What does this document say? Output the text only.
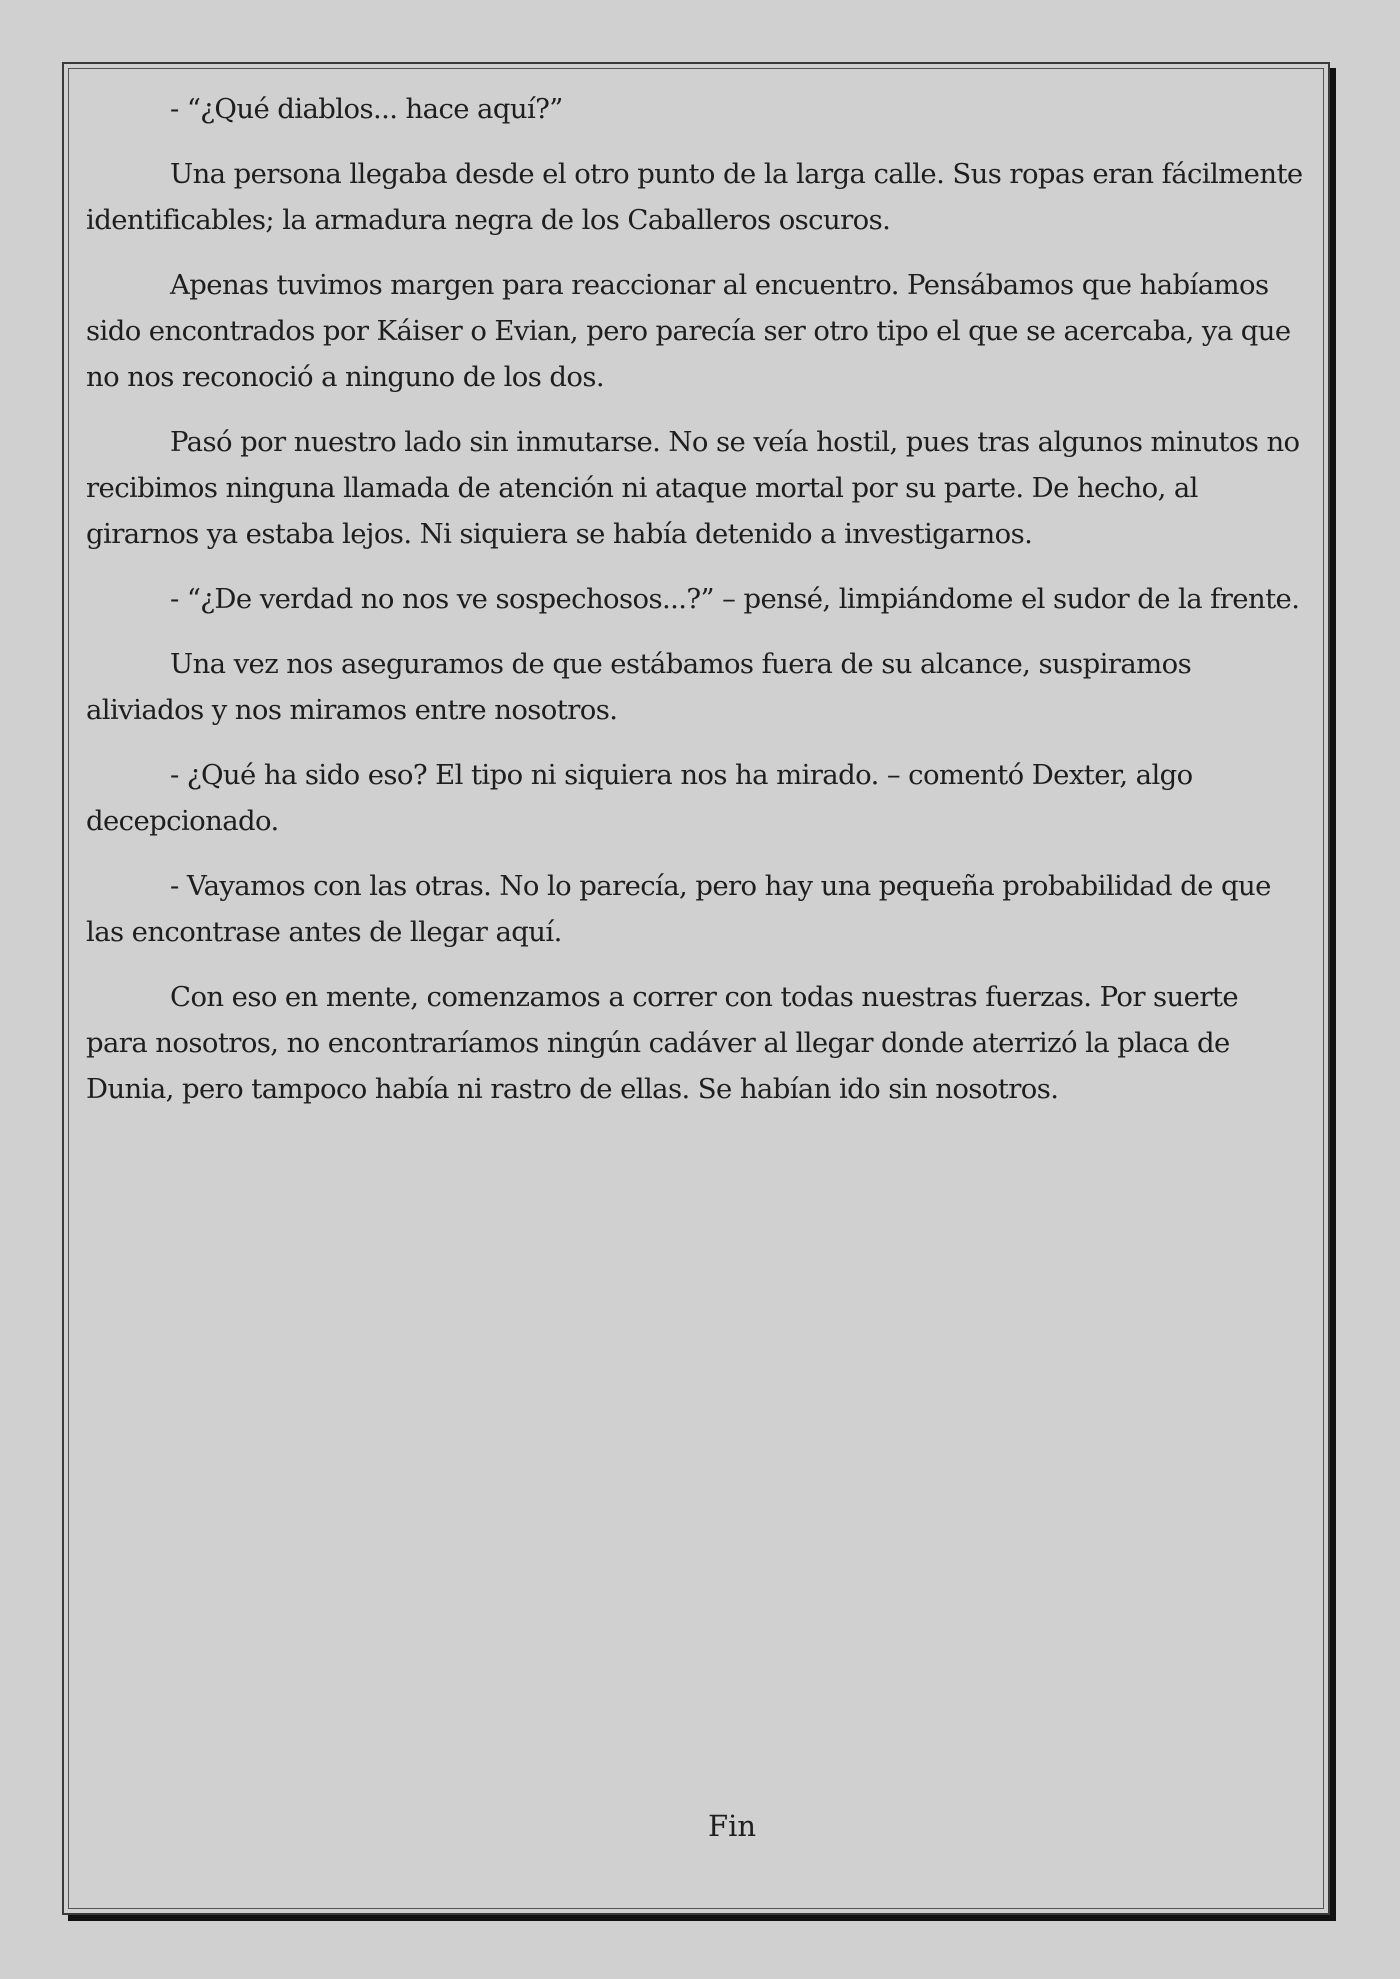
- “¿Qué diablos... hace aquí?”

Una persona llegaba desde el otro punto de la larga calle. Sus ropas eran fácilmente identificables; la armadura negra de los Caballeros oscuros.

Apenas tuvimos margen para reaccionar al encuentro. Pensábamos que habíamos sido encontrados por Káiser o Evian, pero parecía ser otro tipo el que se acercaba, ya que no nos reconoció a ninguno de los dos.

Pasó por nuestro lado sin inmutarse. No se veía hostil, pues tras algunos minutos no recibimos ninguna llamada de atención ni ataque mortal por su parte. De hecho, al girarnos ya estaba lejos. Ni siquiera se había detenido a investigarnos.

- “¿De verdad no nos ve sospechosos...?” – pensé, limpiándome el sudor de la frente.

Una vez nos aseguramos de que estábamos fuera de su alcance, suspiramos aliviados y nos miramos entre nosotros.

- ¿Qué ha sido eso? El tipo ni siquiera nos ha mirado. – comentó Dexter, algo decepcionado.

- Vayamos con las otras. No lo parecía, pero hay una pequeña probabilidad de que las encontrase antes de llegar aquí.

Con eso en mente, comenzamos a correr con todas nuestras fuerzas. Por suerte para nosotros, no encontraríamos ningún cadáver al llegar donde aterrizó la placa de Dunia, pero tampoco había ni rastro de ellas. Se habían ido sin nosotros.

Fin
